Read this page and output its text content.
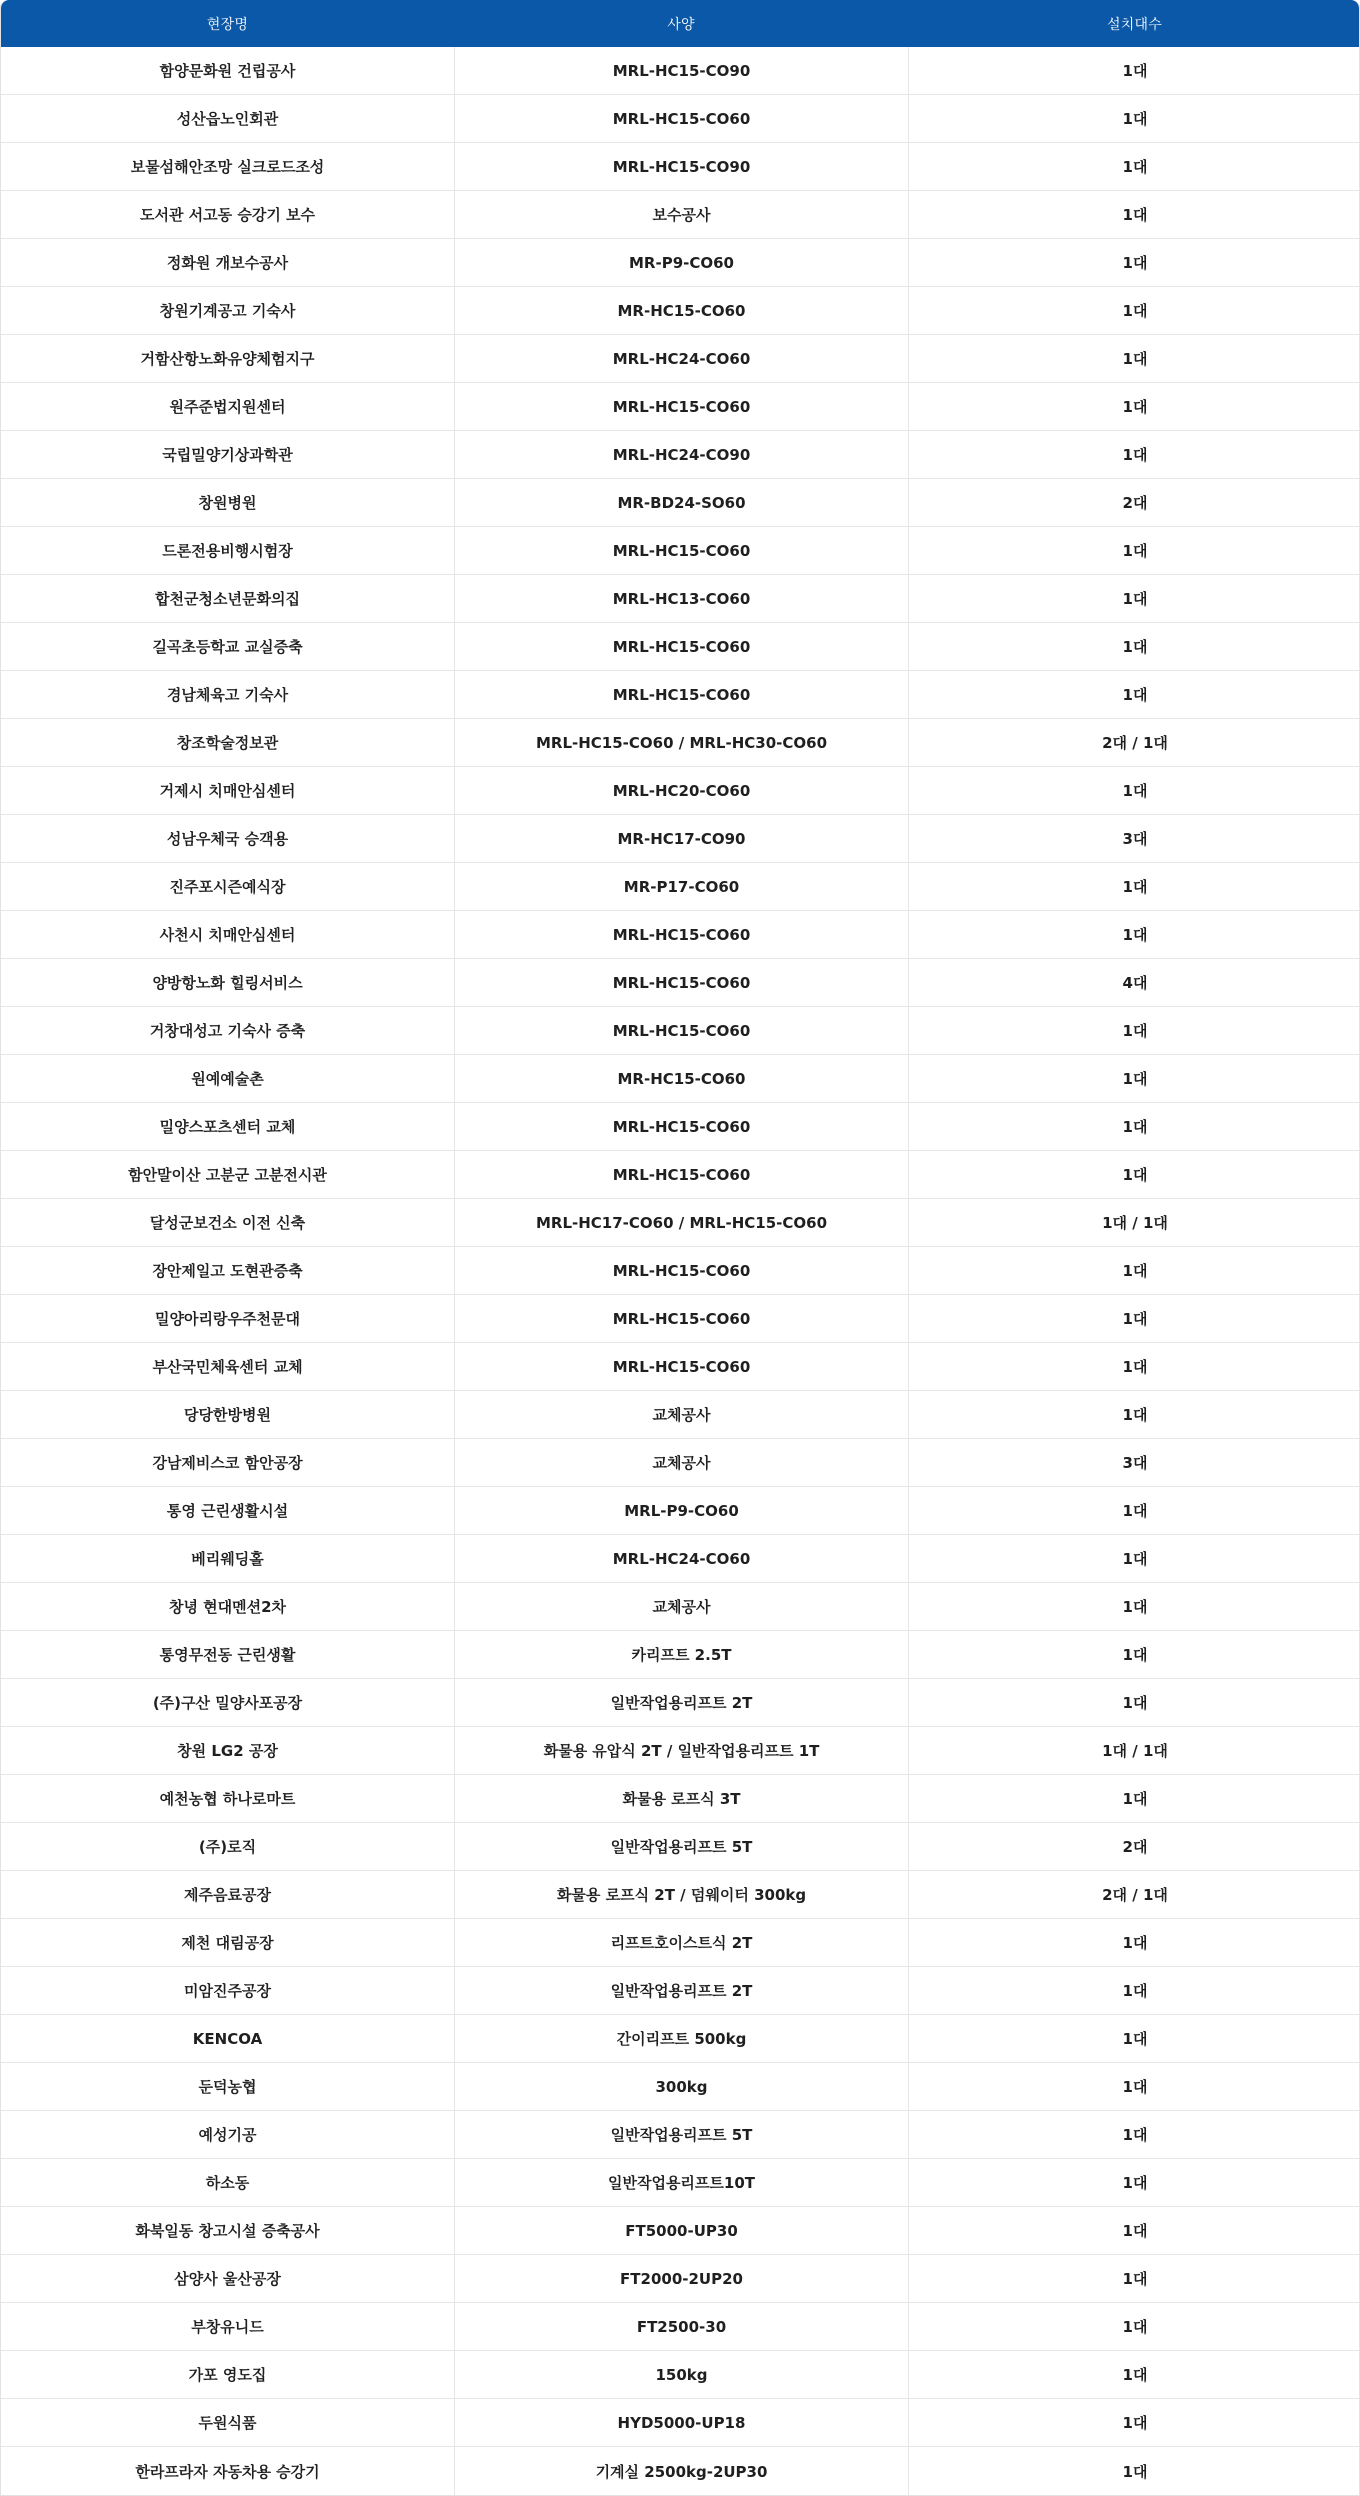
현장명	사양	설치대수
함양문화원 건립공사	MRL-HC15-CO90	1대
성산읍노인회관	MRL-HC15-CO60	1대
보물섬해안조망 실크로드조성	MRL-HC15-CO90	1대
도서관 서고동 승강기 보수	보수공사	1대
정화원 개보수공사	MR-P9-CO60	1대
창원기계공고 기숙사	MR-HC15-CO60	1대
거함산항노화유양체험지구	MRL-HC24-CO60	1대
원주준법지원센터	MRL-HC15-CO60	1대
국립밀양기상과학관	MRL-HC24-CO90	1대
창원병원	MR-BD24-SO60	2대
드론전용비행시험장	MRL-HC15-CO60	1대
합천군청소년문화의집	MRL-HC13-CO60	1대
길곡초등학교 교실증축	MRL-HC15-CO60	1대
경남체육고 기숙사	MRL-HC15-CO60	1대
창조학술정보관	MRL-HC15-CO60 / MRL-HC30-CO60	2대 / 1대
거제시 치매안심센터	MRL-HC20-CO60	1대
성남우체국 승객용	MR-HC17-CO90	3대
진주포시즌예식장	MR-P17-CO60	1대
사천시 치매안심센터	MRL-HC15-CO60	1대
양방항노화 힐링서비스	MRL-HC15-CO60	4대
거창대성고 기숙사 증축	MRL-HC15-CO60	1대
원예예술촌	MR-HC15-CO60	1대
밀양스포츠센터 교체	MRL-HC15-CO60	1대
함안말이산 고분군 고분전시관	MRL-HC15-CO60	1대
달성군보건소 이전 신축	MRL-HC17-CO60 / MRL-HC15-CO60	1대 / 1대
장안제일고 도현관증축	MRL-HC15-CO60	1대
밀양아리랑우주천문대	MRL-HC15-CO60	1대
부산국민체육센터 교체	MRL-HC15-CO60	1대
당당한방병원	교체공사	1대
강남제비스코 함안공장	교체공사	3대
통영 근린생활시설	MRL-P9-CO60	1대
베리웨딩홀	MRL-HC24-CO60	1대
창녕 현대멘션2차	교체공사	1대
통영무전동 근린생활	카리프트 2.5T	1대
(주)구산 밀양사포공장	일반작업용리프트 2T	1대
창원 LG2 공장	화물용 유압식 2T / 일반작업용리프트 1T	1대 / 1대
예천농협 하나로마트	화물용 로프식 3T	1대
(주)로직	일반작업용리프트 5T	2대
제주음료공장	화물용 로프식 2T / 덤웨이터 300kg	2대 / 1대
제천 대림공장	리프트호이스트식 2T	1대
미암진주공장	일반작업용리프트 2T	1대
KENCOA	간이리프트 500kg	1대
둔덕농협	300kg	1대
예성기공	일반작업용리프트 5T	1대
하소동	일반작업용리프트10T	1대
화북일동 창고시설 증축공사	FT5000-UP30	1대
삼양사 울산공장	FT2000-2UP20	1대
부창유니드	FT2500-30	1대
가포 영도집	150kg	1대
두원식품	HYD5000-UP18	1대
한라프라자 자동차용 승강기	기계실 2500kg-2UP30	1대
